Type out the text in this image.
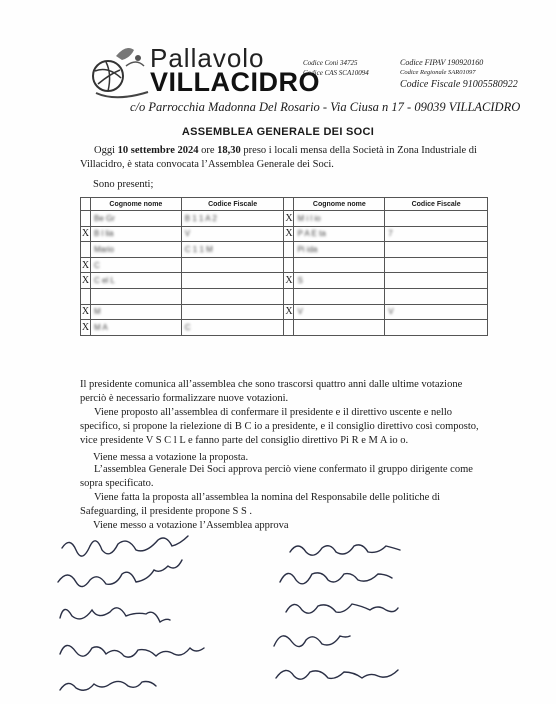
Pallavolo
VILLACIDRO
Codice Coni 34725
Codice CAS SCA10094
Codice FIPAV 190920160
Codice Regionale SAR01097
Codice Fiscale 91005580922
c/o Parrocchia Madonna Del Rosario - Via Ciusa n 17 - 09039 VILLACIDRO
ASSEMBLEA GENERALE DEI SOCI
Oggi 10 settembre 2024 ore 18,30 preso i locali mensa della Società in Zona Industriale di Villacidro, è stata convocata l’Assemblea Generale dei Soci.
Sono presenti;
	Cognome nome	Codice Fiscale		Cognome nome	Codice Fiscale
	Be Gr	B 1 1 A 2	X	M i l io	
X	B l lia	V	X	P A E ta	7
	Mario	C 1 1 M		Pi ida	
X	C				
X	C el L		X	S	

X	M		X	V	V
X	M A	C			
Il presidente comunica all’assemblea che sono trascorsi quattro anni dalle ultime votazione perciò è necessario formalizzare nuove votazioni.
Viene proposto all’assemblea di confermare il presidente e il direttivo uscente e nello specifico, si propone la rielezione di B C io a presidente, e il consiglio direttivo così composto, vice presidente V S C l L e fanno parte del consiglio direttivo Pi R e M A io o.
Viene messa a votazione la proposta.
L’assemblea Generale Dei Soci approva perciò viene confermato il gruppo dirigente come sopra specificato.
Viene fatta la proposta all’assemblea la nomina del Responsabile delle politiche di Safeguarding, il presidente propone S S .
Viene messo a votazione l’Assemblea approva
